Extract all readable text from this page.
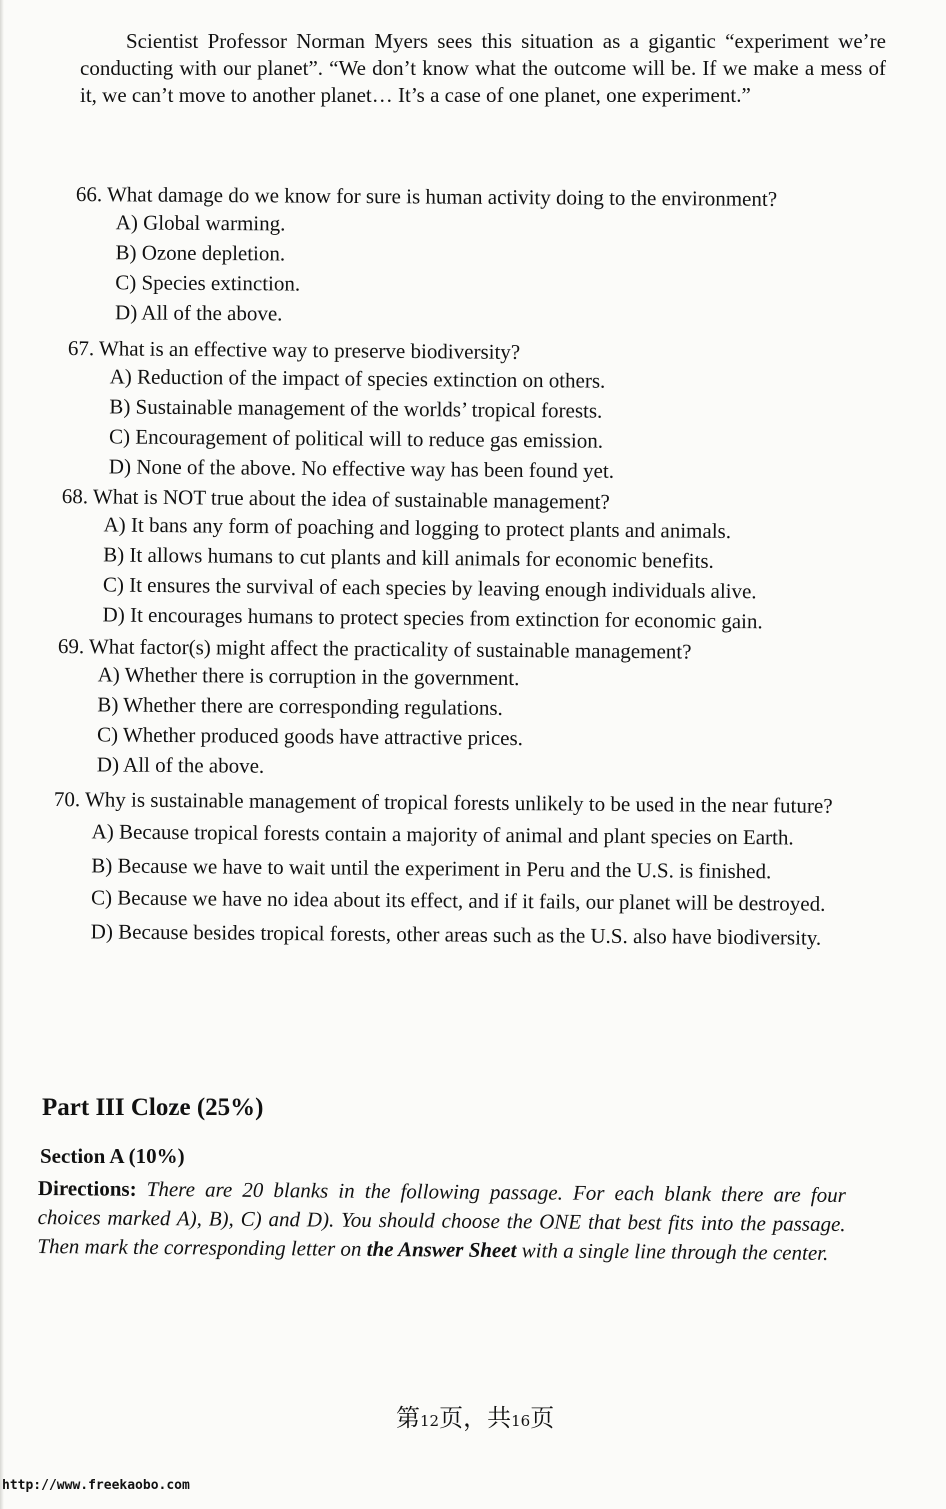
Scientist Professor Norman Myers sees this situation as a gigantic “experiment we’re conducting with our planet”. “We don’t know what the outcome will be. If we make a mess of it, we can’t move to another planet… It’s a case of one planet, one experiment.”
66. What damage do we know for sure is human activity doing to the environment?
A) Global warming.
B) Ozone depletion.
C) Species extinction.
D) All of the above.
67. What is an effective way to preserve biodiversity?
A) Reduction of the impact of species extinction on others.
B) Sustainable management of the worlds’ tropical forests.
C) Encouragement of political will to reduce gas emission.
D) None of the above. No effective way has been found yet.
68. What is NOT true about the idea of sustainable management?
A) It bans any form of poaching and logging to protect plants and animals.
B) It allows humans to cut plants and kill animals for economic benefits.
C) It ensures the survival of each species by leaving enough individuals alive.
D) It encourages humans to protect species from extinction for economic gain.
69. What factor(s) might affect the practicality of sustainable management?
A) Whether there is corruption in the government.
B) Whether there are corresponding regulations.
C) Whether produced goods have attractive prices.
D) All of the above.
70. Why is sustainable management of tropical forests unlikely to be used in the near future?
A) Because tropical forests contain a majority of animal and plant species on Earth.
B) Because we have to wait until the experiment in Peru and the U.S. is finished.
C) Because we have no idea about its effect, and if it fails, our planet will be destroyed.
D) Because besides tropical forests, other areas such as the U.S. also have biodiversity.
Part III Cloze (25%)
Section A (10%)
Directions: There are 20 blanks in the following passage. For each blank there are four choices marked A), B), C) and D). You should choose the ONE that best fits into the passage. Then mark the corresponding letter on the Answer Sheet with a single line through the center.
第12页，共16页
http://www.freekaobo.com
